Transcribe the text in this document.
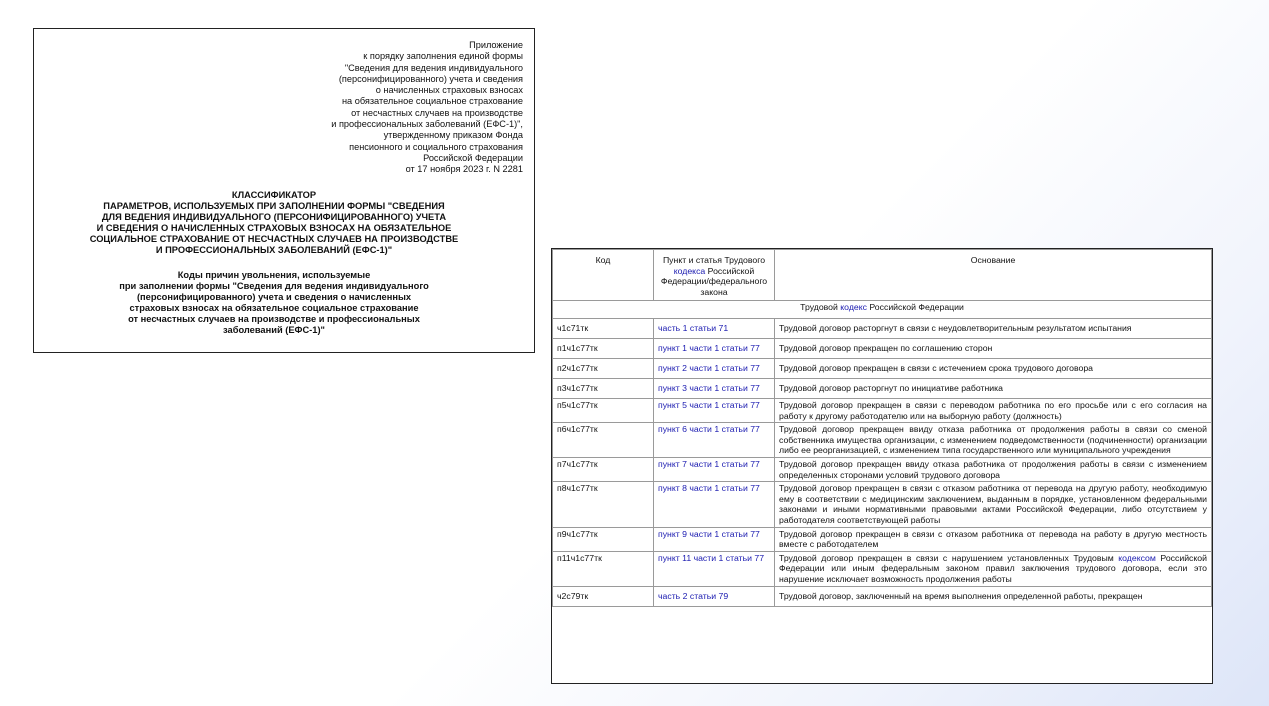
Приложение
к порядку заполнения единой формы
"Сведения для ведения индивидуального
(персонифицированного) учета и сведения
о начисленных страховых взносах
на обязательное социальное страхование
от несчастных случаев на производстве
и профессиональных заболеваний (ЕФС-1)",
утвержденному приказом Фонда
пенсионного и социального страхования
Российской Федерации
от 17 ноября 2023 г. N 2281
КЛАССИФИКАТОР
ПАРАМЕТРОВ, ИСПОЛЬЗУЕМЫХ ПРИ ЗАПОЛНЕНИИ ФОРМЫ "СВЕДЕНИЯ
ДЛЯ ВЕДЕНИЯ ИНДИВИДУАЛЬНОГО (ПЕРСОНИФИЦИРОВАННОГО) УЧЕТА
И СВЕДЕНИЯ О НАЧИСЛЕННЫХ СТРАХОВЫХ ВЗНОСАХ НА ОБЯЗАТЕЛЬНОЕ
СОЦИАЛЬНОЕ СТРАХОВАНИЕ ОТ НЕСЧАСТНЫХ СЛУЧАЕВ НА ПРОИЗВОДСТВЕ
И ПРОФЕССИОНАЛЬНЫХ ЗАБОЛЕВАНИЙ (ЕФС-1)"
Коды причин увольнения, используемые
при заполнении формы "Сведения для ведения индивидуального
(персонифицированного) учета и сведения о начисленных
страховых взносах на обязательное социальное страхование
от несчастных случаев на производстве и профессиональных
заболеваний (ЕФС-1)"
Код	Пункт и статья Трудового кодекса Российской Федерации/федерального закона	Основание
Трудовой кодекс Российской Федерации		
ч1с71тк	часть 1 статьи 71	Трудовой договор расторгнут в связи с неудовлетворительным результатом испытания
п1ч1с77тк	пункт 1 части 1 статьи 77	Трудовой договор прекращен по соглашению сторон
п2ч1с77тк	пункт 2 части 1 статьи 77	Трудовой договор прекращен в связи с истечением срока трудового договора
п3ч1с77тк	пункт 3 части 1 статьи 77	Трудовой договор расторгнут по инициативе работника
п5ч1с77тк	пункт 5 части 1 статьи 77	Трудовой договор прекращен в связи с переводом работника по его просьбе или с его согласия на работу к другому работодателю или на выборную работу (должность)
п6ч1с77тк	пункт 6 части 1 статьи 77	Трудовой договор прекращен ввиду отказа работника от продолжения работы в связи со сменой собственника имущества организации, с изменением подведомственности (подчиненности) организации либо ее реорганизацией, с изменением типа государственного или муниципального учреждения
п7ч1с77тк	пункт 7 части 1 статьи 77	Трудовой договор прекращен ввиду отказа работника от продолжения работы в связи с изменением определенных сторонами условий трудового договора
п8ч1с77тк	пункт 8 части 1 статьи 77	Трудовой договор прекращен в связи с отказом работника от перевода на другую работу, необходимую ему в соответствии с медицинским заключением, выданным в порядке, установленном федеральными законами и иными нормативными правовыми актами Российской Федерации, либо отсутствием у работодателя соответствующей работы
п9ч1с77тк	пункт 9 части 1 статьи 77	Трудовой договор прекращен в связи с отказом работника от перевода на работу в другую местность вместе с работодателем
п11ч1с77тк	пункт 11 части 1 статьи 77	Трудовой договор прекращен в связи с нарушением установленных Трудовым кодексом Российской Федерации или иным федеральным законом правил заключения трудового договора, если это нарушение исключает возможность продолжения работы
ч2с79тк	часть 2 статьи 79	Трудовой договор, заключенный на время выполнения определенной работы, прекращен
